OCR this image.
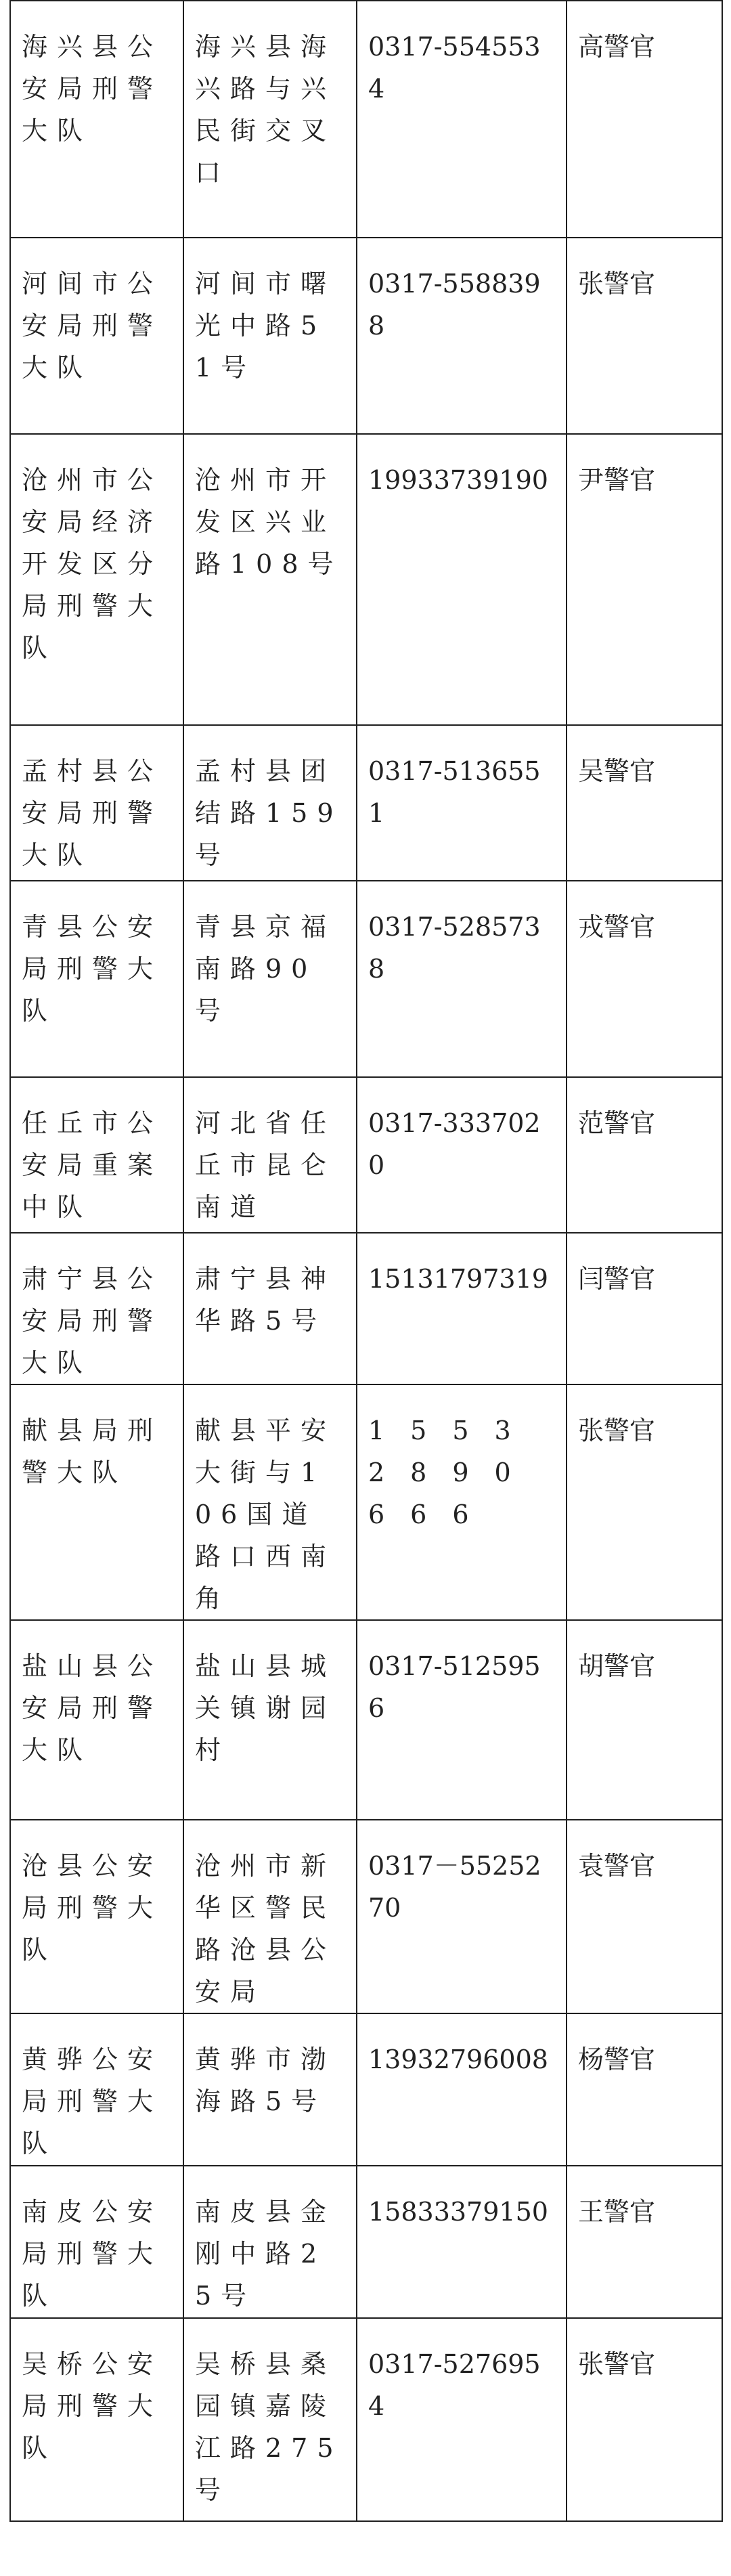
海兴县公安局刑警大队	海兴县海兴路与兴民街交叉口	0317-5545534	高警官
河间市公安局刑警大队	河间市曙光中路51号	0317-5588398	张警官
沧州市公安局经济开发区分局刑警大队	沧州市开发区兴业路108号	19933739190	尹警官
孟村县公安局刑警大队	孟村县团结路159号	0317-5136551	吴警官
青县公安局刑警大队	青县京福南路90号	0317-5285738	戎警官
任丘市公安局重案中队	河北省任丘市昆仑南道	0317-3337020	范警官
肃宁县公安局刑警大队	肃宁县神华路5号	15131797319	闫警官
献县局刑警大队	献县平安大街与106国道路口西南角	15532890666	张警官
盐山县公安局刑警大队	盐山县城关镇谢园村	0317-5125956	胡警官
沧县公安局刑警大队	沧州市新华区警民路沧县公安局	0317－5525270	袁警官
黄骅公安局刑警大队	黄骅市渤海路5号	13932796008	杨警官
南皮公安局刑警大队	南皮县金刚中路25号	15833379150	王警官
吴桥公安局刑警大队	吴桥县桑园镇嘉陵江路275号	0317-5276954	张警官
